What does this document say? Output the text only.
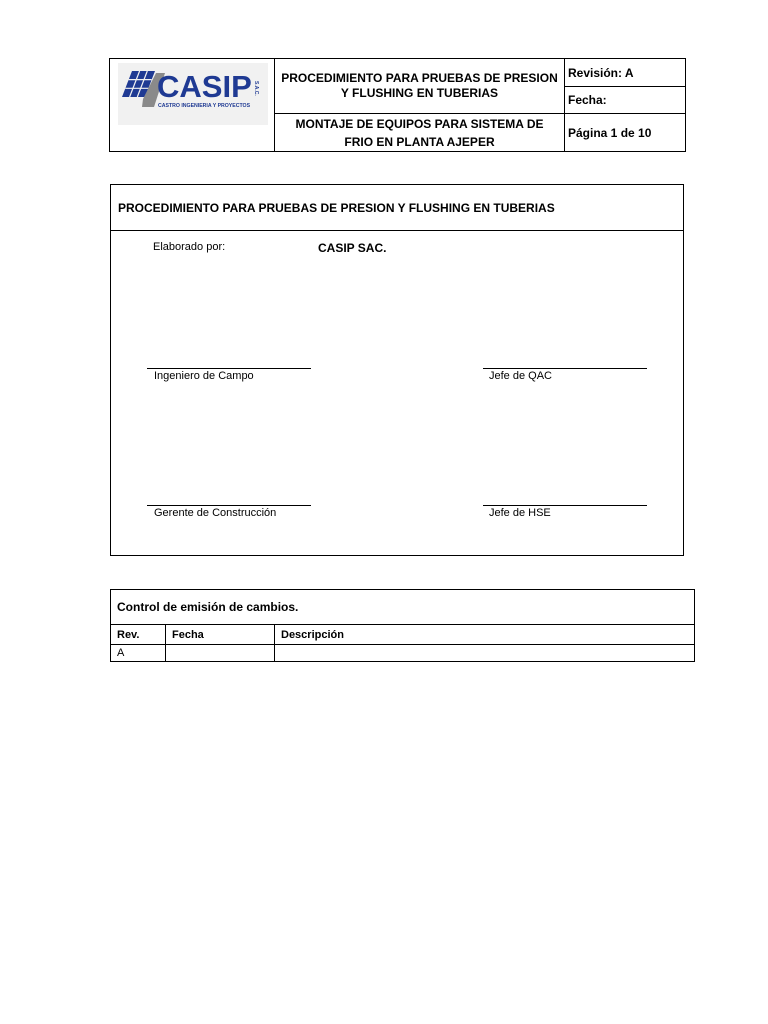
CASIP S.A.C.
CASTRO INGENIERIA Y PROYECTOS
PROCEDIMIENTO PARA PRUEBAS DE PRESION
Y FLUSHING EN TUBERIAS
MONTAJE DE EQUIPOS PARA SISTEMA DE
FRIO EN PLANTA AJEPER
Revisión: A
Fecha:
Página 1 de 10
PROCEDIMIENTO PARA PRUEBAS DE PRESION Y FLUSHING EN TUBERIAS
Elaborado por:	CASIP SAC.
Ingeniero de Campo	Jefe de QAC
Gerente de Construcción	Jefe de HSE
Control de emisión de cambios.
Rev.	Fecha	Descripción
A
